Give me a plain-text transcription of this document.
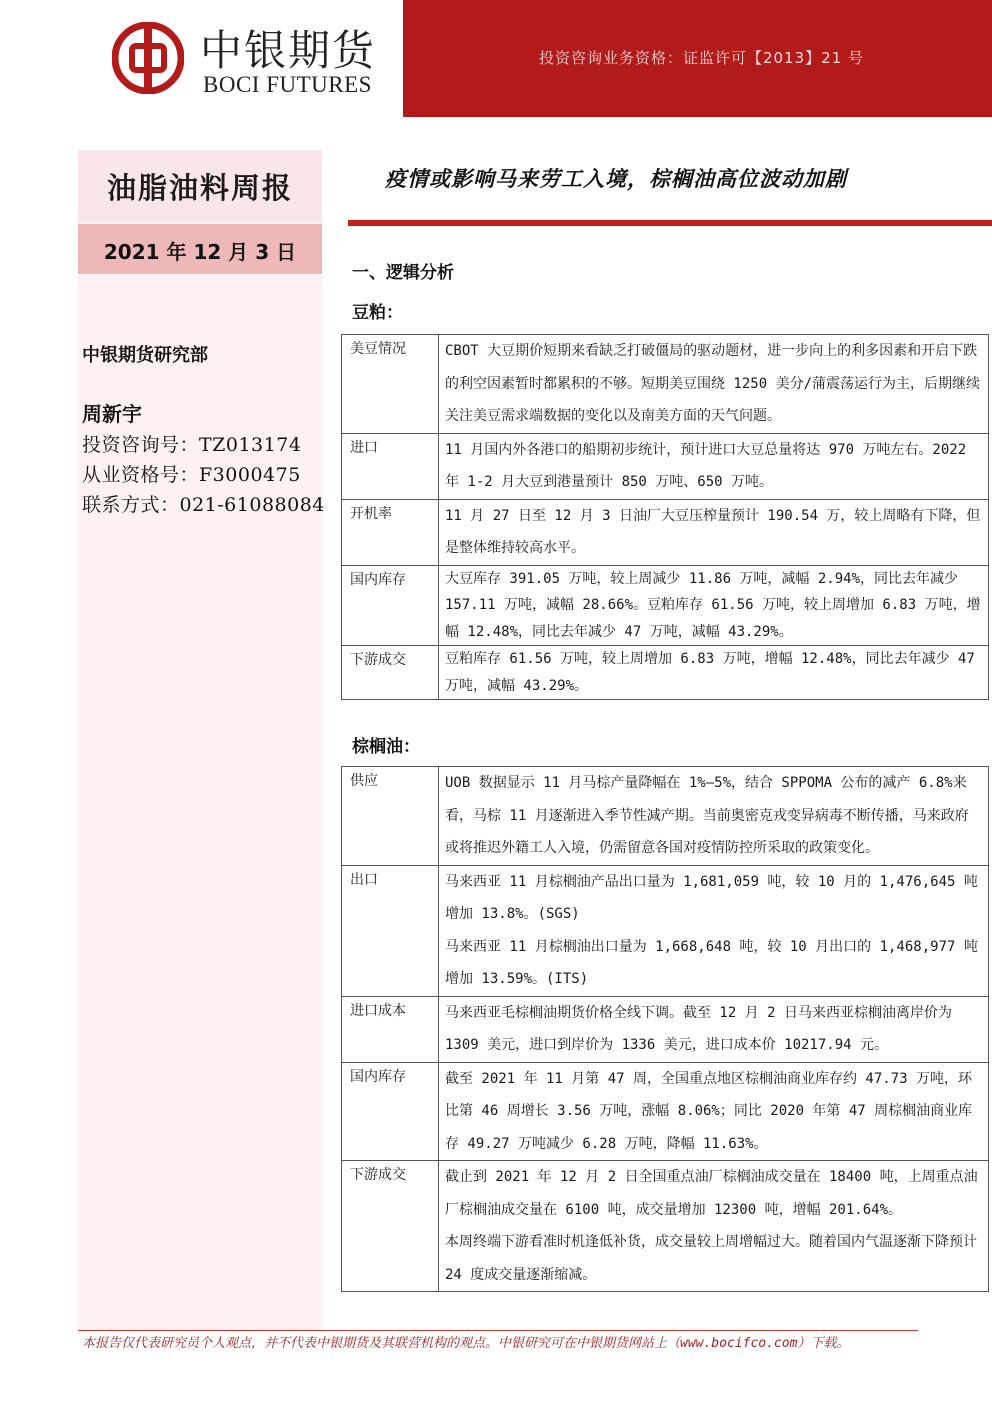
中银期货
BOCI FUTURES
投资咨询业务资格：证监许可【2013】21 号
油脂油料周报
2021 年 12 月 3 日
中银期货研究部
周新宇
投资咨询号：TZ013174
从业资格号：F3000475
联系方式：021-61088084
疫情或影响马来劳工入境，棕榈油高位波动加剧
一、逻辑分析
豆粕：
美豆情况	CBOT 大豆期价短期来看缺乏打破僵局的驱动题材，进一步向上的利多因素和开启下跌的利空因素暂时都累积的不够。短期美豆围绕 1250 美分/蒲震荡运行为主，后期继续关注美豆需求端数据的变化以及南美方面的天气问题。
进口	11 月国内外各港口的船期初步统计，预计进口大豆总量将达 970 万吨左右。2022 年 1-2 月大豆到港量预计 850 万吨、650 万吨。
开机率	11 月 27 日至 12 月 3 日油厂大豆压榨量预计 190.54 万，较上周略有下降，但是整体维持较高水平。
国内库存	大豆库存 391.05 万吨，较上周减少 11.86 万吨，减幅 2.94%，同比去年减少 157.11 万吨，减幅 28.66%。豆粕库存 61.56 万吨，较上周增加 6.83 万吨，增幅 12.48%，同比去年减少 47 万吨，减幅 43.29%。
下游成交	豆粕库存 61.56 万吨，较上周增加 6.83 万吨，增幅 12.48%，同比去年减少 47 万吨，减幅 43.29%。
棕榈油：
供应	UOB 数据显示 11 月马棕产量降幅在 1%—5%，结合 SPPOMA 公布的减产 6.8%来看，马棕 11 月逐渐进入季节性减产期。当前奥密克戎变异病毒不断传播，马来政府或将推迟外籍工人入境，仍需留意各国对疫情防控所采取的政策变化。
出口	马来西亚 11 月棕榈油产品出口量为 1,681,059 吨，较 10 月的 1,476,645 吨增加 13.8%。(SGS)
马来西亚 11 月棕榈油出口量为 1,668,648 吨，较 10 月出口的 1,468,977 吨增加 13.59%。(ITS)

进口成本	马来西亚毛棕榈油期货价格全线下调。截至 12 月 2 日马来西亚棕榈油离岸价为 1309 美元，进口到岸价为 1336 美元，进口成本价 10217.94 元。
国内库存	截至 2021 年 11 月第 47 周，全国重点地区棕榈油商业库存约 47.73 万吨，环比第 46 周增长 3.56 万吨，涨幅 8.06%；同比 2020 年第 47 周棕榈油商业库存 49.27 万吨减少 6.28 万吨，降幅 11.63%。
下游成交	截止到 2021 年 12 月 2 日全国重点油厂棕榈油成交量在 18400 吨，上周重点油厂棕榈油成交量在 6100 吨，成交量增加 12300 吨，增幅 201.64%。
本周终端下游看准时机逢低补货，成交量较上周增幅过大。随着国内气温逐渐下降预计 24 度成交量逐渐缩减。
本报告仅代表研究员个人观点，并不代表中银期货及其联营机构的观点。中银研究可在中银期货网站上（www.bocifco.com）下载。
